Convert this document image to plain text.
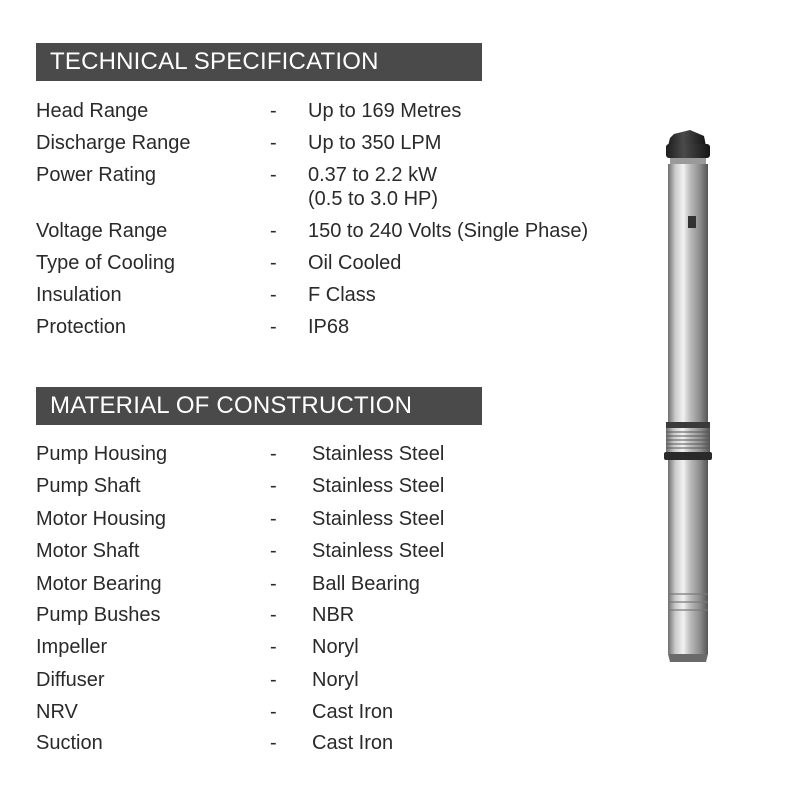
TECHNICAL SPECIFICATION
Head Range	- Up to 169 Metres
Discharge Range	- Up to 350 LPM
Power Rating	- 0.37 to 2.2 kW
(0.5 to 3.0 HP)
Voltage Range	- 150 to 240 Volts (Single Phase)
Type of Cooling	- Oil Cooled
Insulation	- F Class
Protection	- IP68
MATERIAL OF CONSTRUCTION
Pump Housing	- Stainless Steel
Pump Shaft	- Stainless Steel
Motor Housing	- Stainless Steel
Motor Shaft	- Stainless Steel
Motor Bearing	- Ball Bearing
Pump Bushes	- NBR
Impeller	- Noryl
Diffuser	- Noryl
NRV	- Cast Iron
Suction	- Cast Iron
